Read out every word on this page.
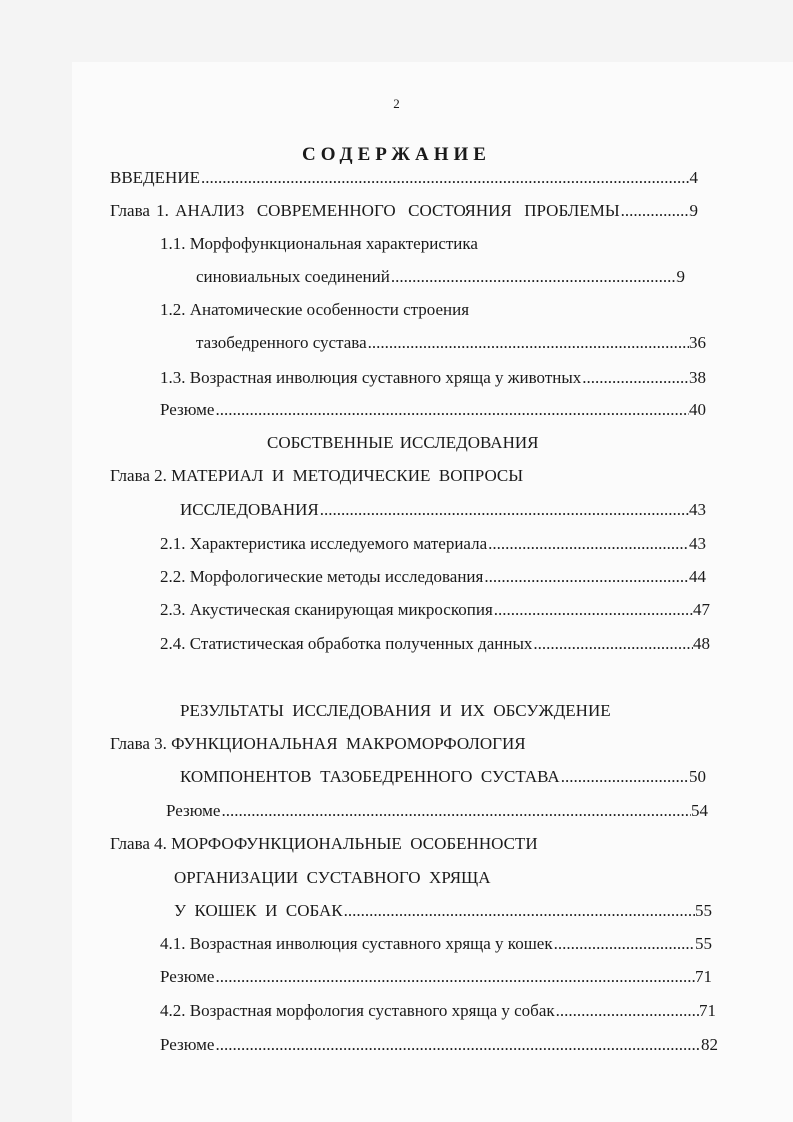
2
СОДЕРЖАНИЕ
ВВЕДЕНИЕ .....	4
Глава 1. АНАЛИЗ  СОВРЕМЕННОГО  СОСТОЯНИЯ  ПРОБЛЕМЫ .....	9
1.1. Морфофункциональная характеристика
синовиальных соединений .....	9
1.2. Анатомические особенности строения
тазобедренного сустава .....	36
1.3. Возрастная инволюция суставного хряща у животных .....	38
Резюме .....	40
СОБСТВЕННЫЕ ИССЛЕДОВАНИЯ
Глава 2. МАТЕРИАЛ  И  МЕТОДИЧЕСКИЕ  ВОПРОСЫ
ИССЛЕДОВАНИЯ .....	43
2.1. Характеристика исследуемого материала .....	43
2.2. Морфологические методы исследования .....	44
2.3. Акустическая сканирующая микроскопия .....	47
2.4. Статистическая обработка полученных данных .....	48
РЕЗУЛЬТАТЫ  ИССЛЕДОВАНИЯ  И  ИХ  ОБСУЖДЕНИЕ
Глава 3. ФУНКЦИОНАЛЬНАЯ  МАКРОМОРФОЛОГИЯ
КОМПОНЕНТОВ  ТАЗОБЕДРЕННОГО  СУСТАВА .....	50
Резюме .....	54
Глава 4. МОРФОФУНКЦИОНАЛЬНЫЕ  ОСОБЕННОСТИ
ОРГАНИЗАЦИИ  СУСТАВНОГО  ХРЯЩА
У  КОШЕК  И  СОБАК .....	55
4.1. Возрастная инволюция суставного хряща у кошек .....	55
Резюме .....	71
4.2. Возрастная морфология суставного хряща у собак .....	71
Резюме .....	82
